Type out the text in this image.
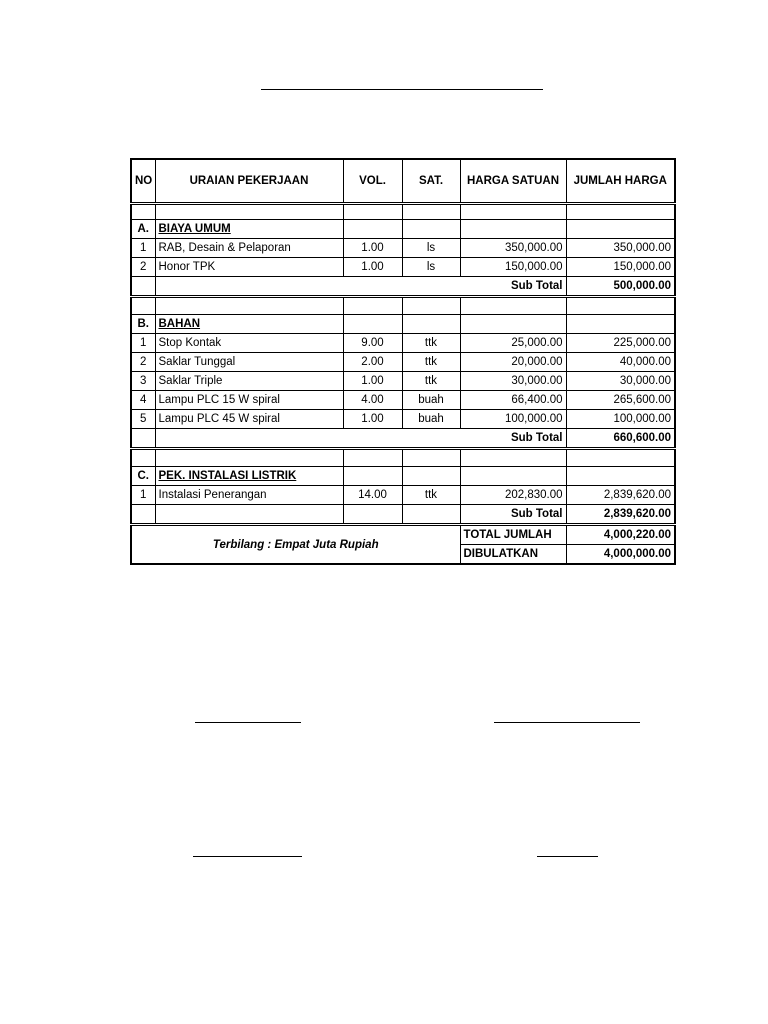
NO	URAIAN PEKERJAAN	VOL.	SAT.	HARGA SATUAN	JUMLAH HARGA

A.	BIAYA UMUM				
1	RAB, Desain & Pelaporan	1.00	ls	350,000.00	350,000.00
2	Honor TPK	1.00	ls	150,000.00	150,000.00
	Sub Total				500,000.00

B.	BAHAN				
1	Stop Kontak	9.00	ttk	25,000.00	225,000.00
2	Saklar Tunggal	2.00	ttk	20,000.00	40,000.00
3	Saklar Triple	1.00	ttk	30,000.00	30,000.00
4	Lampu PLC 15 W spiral	4.00	buah	66,400.00	265,600.00
5	Lampu PLC 45 W spiral	1.00	buah	100,000.00	100,000.00
	Sub Total				660,600.00

C.	PEK. INSTALASI LISTRIK				
1	Instalasi Penerangan	14.00	ttk	202,830.00	2,839,620.00
				Sub Total	2,839,620.00
Terbilang : Empat Juta Rupiah				TOTAL JUMLAH	4,000,220.00
				DIBULATKAN	4,000,000.00
